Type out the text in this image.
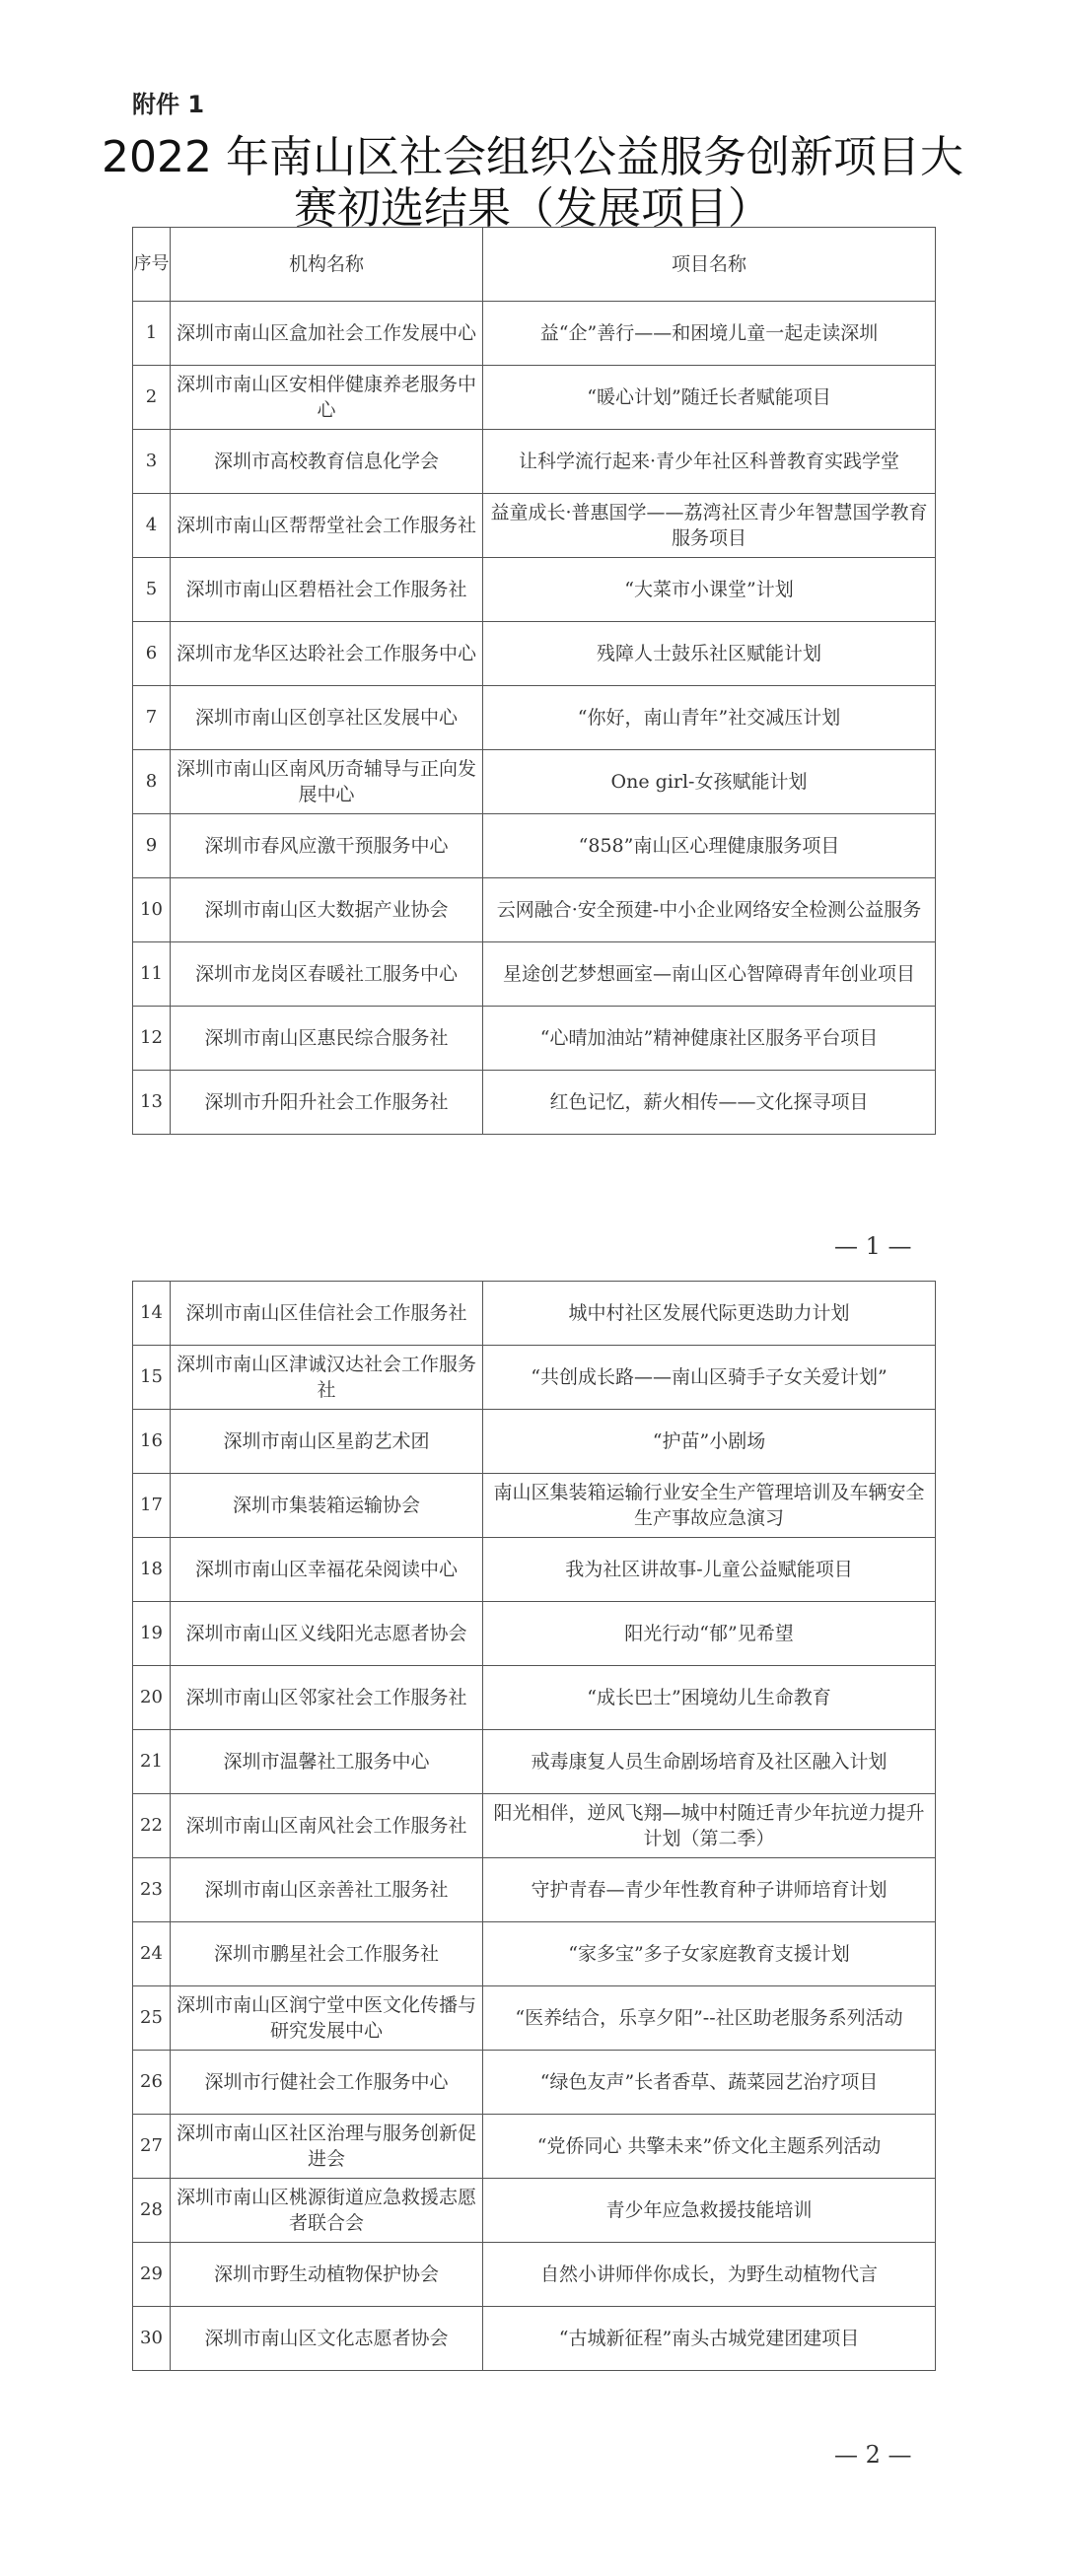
附件 1
2022 年南山区社会组织公益服务创新项目大
赛初选结果（发展项目）
序号	机构名称	项目名称
1	深圳市南山区盒加社会工作发展中心	益“企”善行——和困境儿童一起走读深圳
2	深圳市南山区安相伴健康养老服务中心	“暖心计划”随迁长者赋能项目
3	深圳市高校教育信息化学会	让科学流行起来·青少年社区科普教育实践学堂
4	深圳市南山区帮帮堂社会工作服务社	益童成长·普惠国学——荔湾社区青少年智慧国学教育服务项目
5	深圳市南山区碧梧社会工作服务社	“大菜市小课堂”计划
6	深圳市龙华区达聆社会工作服务中心	残障人士鼓乐社区赋能计划
7	深圳市南山区创享社区发展中心	“你好，南山青年”社交减压计划
8	深圳市南山区南风历奇辅导与正向发展中心	One girl-女孩赋能计划
9	深圳市春风应激干预服务中心	“858”南山区心理健康服务项目
10	深圳市南山区大数据产业协会	云网融合·安全预建-中小企业网络安全检测公益服务
11	深圳市龙岗区春暖社工服务中心	星途创艺梦想画室—南山区心智障碍青年创业项目
12	深圳市南山区惠民综合服务社	“心晴加油站”精神健康社区服务平台项目
13	深圳市升阳升社会工作服务社	红色记忆，薪火相传——文化探寻项目
— 1 —
14	深圳市南山区佳信社会工作服务社	城中村社区发展代际更迭助力计划
15	深圳市南山区津诚汉达社会工作服务社	“共创成长路——南山区骑手子女关爱计划”
16	深圳市南山区星韵艺术团	“护苗”小剧场
17	深圳市集装箱运输协会	南山区集装箱运输行业安全生产管理培训及车辆安全生产事故应急演习
18	深圳市南山区幸福花朵阅读中心	我为社区讲故事-儿童公益赋能项目
19	深圳市南山区义线阳光志愿者协会	阳光行动“郁”见希望
20	深圳市南山区邻家社会工作服务社	“成长巴士”困境幼儿生命教育
21	深圳市温馨社工服务中心	戒毒康复人员生命剧场培育及社区融入计划
22	深圳市南山区南风社会工作服务社	阳光相伴，逆风飞翔—城中村随迁青少年抗逆力提升计划（第二季）
23	深圳市南山区亲善社工服务社	守护青春—青少年性教育种子讲师培育计划
24	深圳市鹏星社会工作服务社	“家多宝”多子女家庭教育支援计划
25	深圳市南山区润宁堂中医文化传播与研究发展中心	“医养结合，乐享夕阳”--社区助老服务系列活动
26	深圳市行健社会工作服务中心	“绿色友声”长者香草、蔬菜园艺治疗项目
27	深圳市南山区社区治理与服务创新促进会	“党侨同心 共擎未来”侨文化主题系列活动
28	深圳市南山区桃源街道应急救援志愿者联合会	青少年应急救援技能培训
29	深圳市野生动植物保护协会	自然小讲师伴你成长，为野生动植物代言
30	深圳市南山区文化志愿者协会	“古城新征程”南头古城党建团建项目
— 2 —
